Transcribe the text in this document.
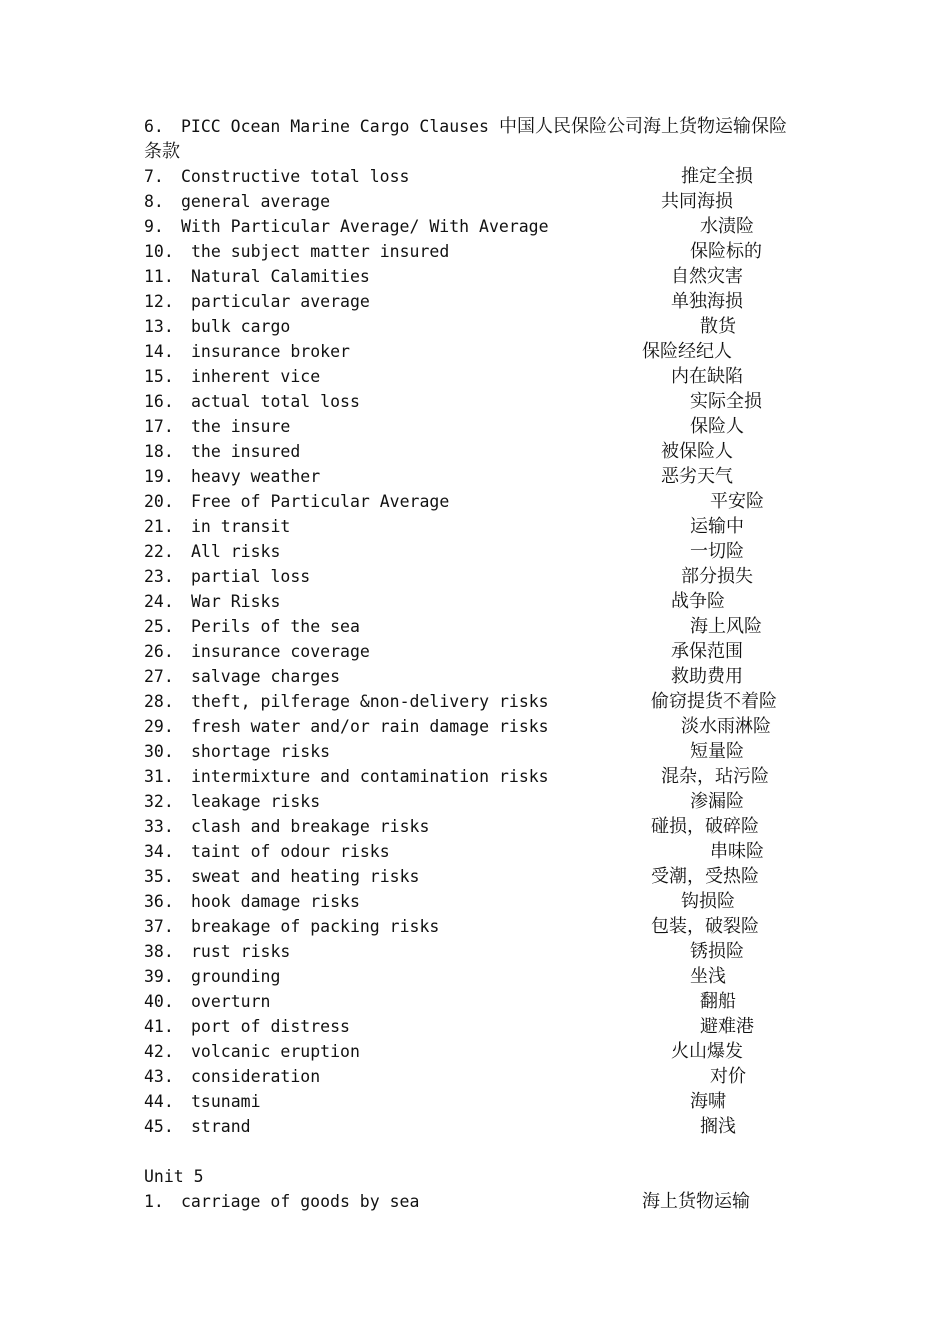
6. PICC Ocean Marine Cargo Clauses 中国人民保险公司海上货物运输保险
条款
7. Constructive total loss	推定全损
8. general average	共同海损
9. With Particular Average/ With Average	水渍险
10. the subject matter insured	保险标的
11. Natural Calamities	自然灾害
12. particular average	单独海损
13. bulk cargo	散货
14. insurance broker	保险经纪人
15. inherent vice	内在缺陷
16. actual total loss	实际全损
17. the insure	保险人
18. the insured	被保险人
19. heavy weather	恶劣天气
20. Free of Particular Average	平安险
21. in transit	运输中
22. All risks	一切险
23. partial loss	部分损失
24. War Risks	战争险
25. Perils of the sea	海上风险
26. insurance coverage	承保范围
27. salvage charges	救助费用
28. theft, pilferage &non-delivery risks	偷窃提货不着险
29. fresh water and/or rain damage risks	淡水雨淋险
30. shortage risks	短量险
31. intermixture and contamination risks	混杂，玷污险
32. leakage risks	渗漏险
33. clash and breakage risks	碰损，破碎险
34. taint of odour risks	串味险
35. sweat and heating risks	受潮，受热险
36. hook damage risks	钩损险
37. breakage of packing risks	包装，破裂险
38. rust risks	锈损险
39. grounding	坐浅
40. overturn	翻船
41. port of distress	避难港
42. volcanic eruption	火山爆发
43. consideration	对价
44. tsunami	海啸
45. strand	搁浅
Unit 5
1. carriage of goods by sea	海上货物运输
